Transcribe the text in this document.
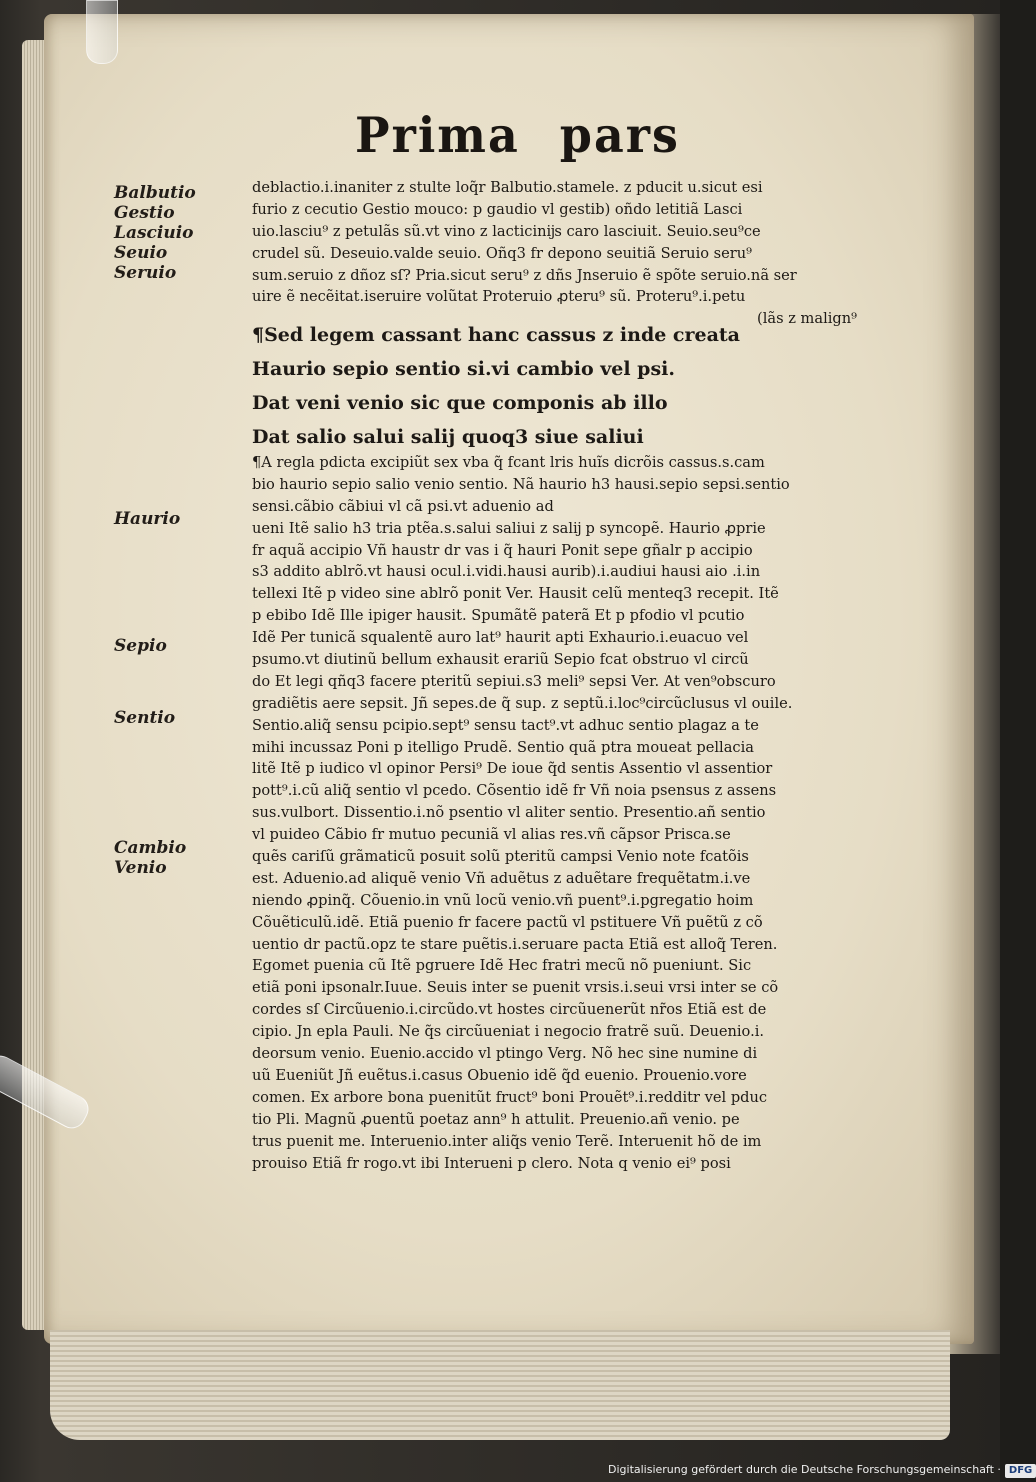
Prima pars
Balbutio
Gestio
Lasciuio
Seuio
Seruio
Haurio
Sepio
Sentio
Cambio
Venio
deblactio.i.inaniter z stulte loq̃r Balbutio.stamele. z pducit u.sicut esi
furio z cecutio Gestio mouco: p gaudio vl gestib) oñdo letitiã Lasci
uio.lasciu⁹ z petulãs sũ.vt vino z lacticinĳs caro lasciuit. Seuio.seu⁹ce
crudel sũ. Deseuio.valde seuio. Oñq3 fr depono seuitiã Seruio seru⁹
sum.seruio z dñoz sſ? Pria.sicut seru⁹ z dñs Jnseruio ẽ spõte seruio.nã ser
uire ẽ necẽitat.iseruire volũtat Proteruio ꝓteru⁹ sũ. Proteru⁹.i.petu
(lãs z malign⁹
¶Sed legem cassant hanc cassus z inde creata
Haurio sepio sentio si.vi cambio vel psi.
Dat veni venio sic que componis ab illo
Dat salio salui salĳ quoq3 siue saliui
¶A regla pdicta excipiũt sex vba q̃ fcant lris huĩs dicrõis cassus.s.cam
bio haurio sepio salio venio sentio. Nã haurio h3 hausi.sepio sepsi.sentio
sensi.cãbio cãbiui vl cã psi.vt aduenio ad
ueni Itẽ salio h3 tria ptẽa.s.salui saliui z salĳ p syncopẽ. Haurio ꝓprie
fr aquã accipio Vñ haustr dr vas i q̃ hauri Ponit sepe gñalr p accipio
s3 addito ablrõ.vt hausi ocul.i.vidi.hausi aurib).i.audiui hausi aio .i.in
tellexi Itẽ p video sine ablrõ ponit Ver. Hausit celũ menteq3 recepit. Itẽ
p ebibo Idẽ Ille ipiger hausit. Spumãtẽ paterã Et p pfodio vl pcutio
Idẽ Per tunicã squalentẽ auro lat⁹ haurit apti Exhaurio.i.euacuo vel
psumo.vt diutinũ bellum exhausit erariũ Sepio fcat obstruo vl circũ
do Et legi qñq3 facere pteritũ sepiui.s3 meli⁹ sepsi Ver. At ven⁹obscuro
gradiẽtis aere sepsit. Jñ sepes.de q̃ sup. z septũ.i.loc⁹circũclusus vl ouile.
Sentio.aliq̃ sensu pcipio.sept⁹ sensu tact⁹.vt adhuc sentio plagaz a te
mihi incussaz Poni p itelligo Prudẽ. Sentio quã ptra moueat pellacia
litẽ Itẽ p iudico vl opinor Persi⁹ De ioue q̃d sentis Assentio vl assentior
pott⁹.i.cũ aliq̃ sentio vl pcedo. Cõsentio idẽ fr Vñ noia psensus z assens
sus.vulbort. Dissentio.i.nõ psentio vl aliter sentio. Presentio.añ sentio
vl puideo Cãbio fr mutuo pecuniã vl alias res.vñ cãpsor Prisca.se
quẽs cariſũ grãmaticũ posuit solũ pteritũ campsi Venio note fcatõis
est. Aduenio.ad aliquẽ venio Vñ aduẽtus z aduẽtare frequẽtatm.i.ve
niendo ꝓpinq̃. Cõuenio.in vnũ locũ venio.vñ puent⁹.i.pgregatio hoim
Cõuẽticulũ.idẽ. Etiã puenio fr facere pactũ vl pstituere Vñ puẽtũ z cõ
uentio dr pactũ.opz te stare puẽtis.i.seruare pacta Etiã est alloq̃ Teren.
Egomet puenia cũ Itẽ pgruere Idẽ Hec fratri mecũ nõ pueniunt. Sic
etiã poni ipsonalr.Iuue. Seuis inter se puenit vrsis.i.seui vrsi inter se cõ
cordes sſ Circũuenio.i.circũdo.vt hostes circũuenerũt nr̃os Etiã est de
cipio. Jn epla Pauli. Ne q̃s circũueniat i negocio fratrẽ suũ. Deuenio.i.
deorsum venio. Euenio.accido vl ptingo Verg. Nõ hec sine numine di
uũ Eueniũt Jñ euẽtus.i.casus Obuenio idẽ q̃d euenio. Prouenio.vore
comen. Ex arbore bona puenitũt fruct⁹ boni Prouẽt⁹.i.redditr vel pduc
tio Pli. Magnũ ꝓuentũ poetaz ann⁹ h attulit. Preuenio.añ venio. pe
trus puenit me. Interuenio.inter aliq̃s venio Terẽ. Interuenit hõ de im
prouiso Etiã fr rogo.vt ibi Interueni p clero. Nota q venio ei⁹ posi
Digitalisierung gefördert durch die Deutsche Forschungsgemeinschaft · DFG
